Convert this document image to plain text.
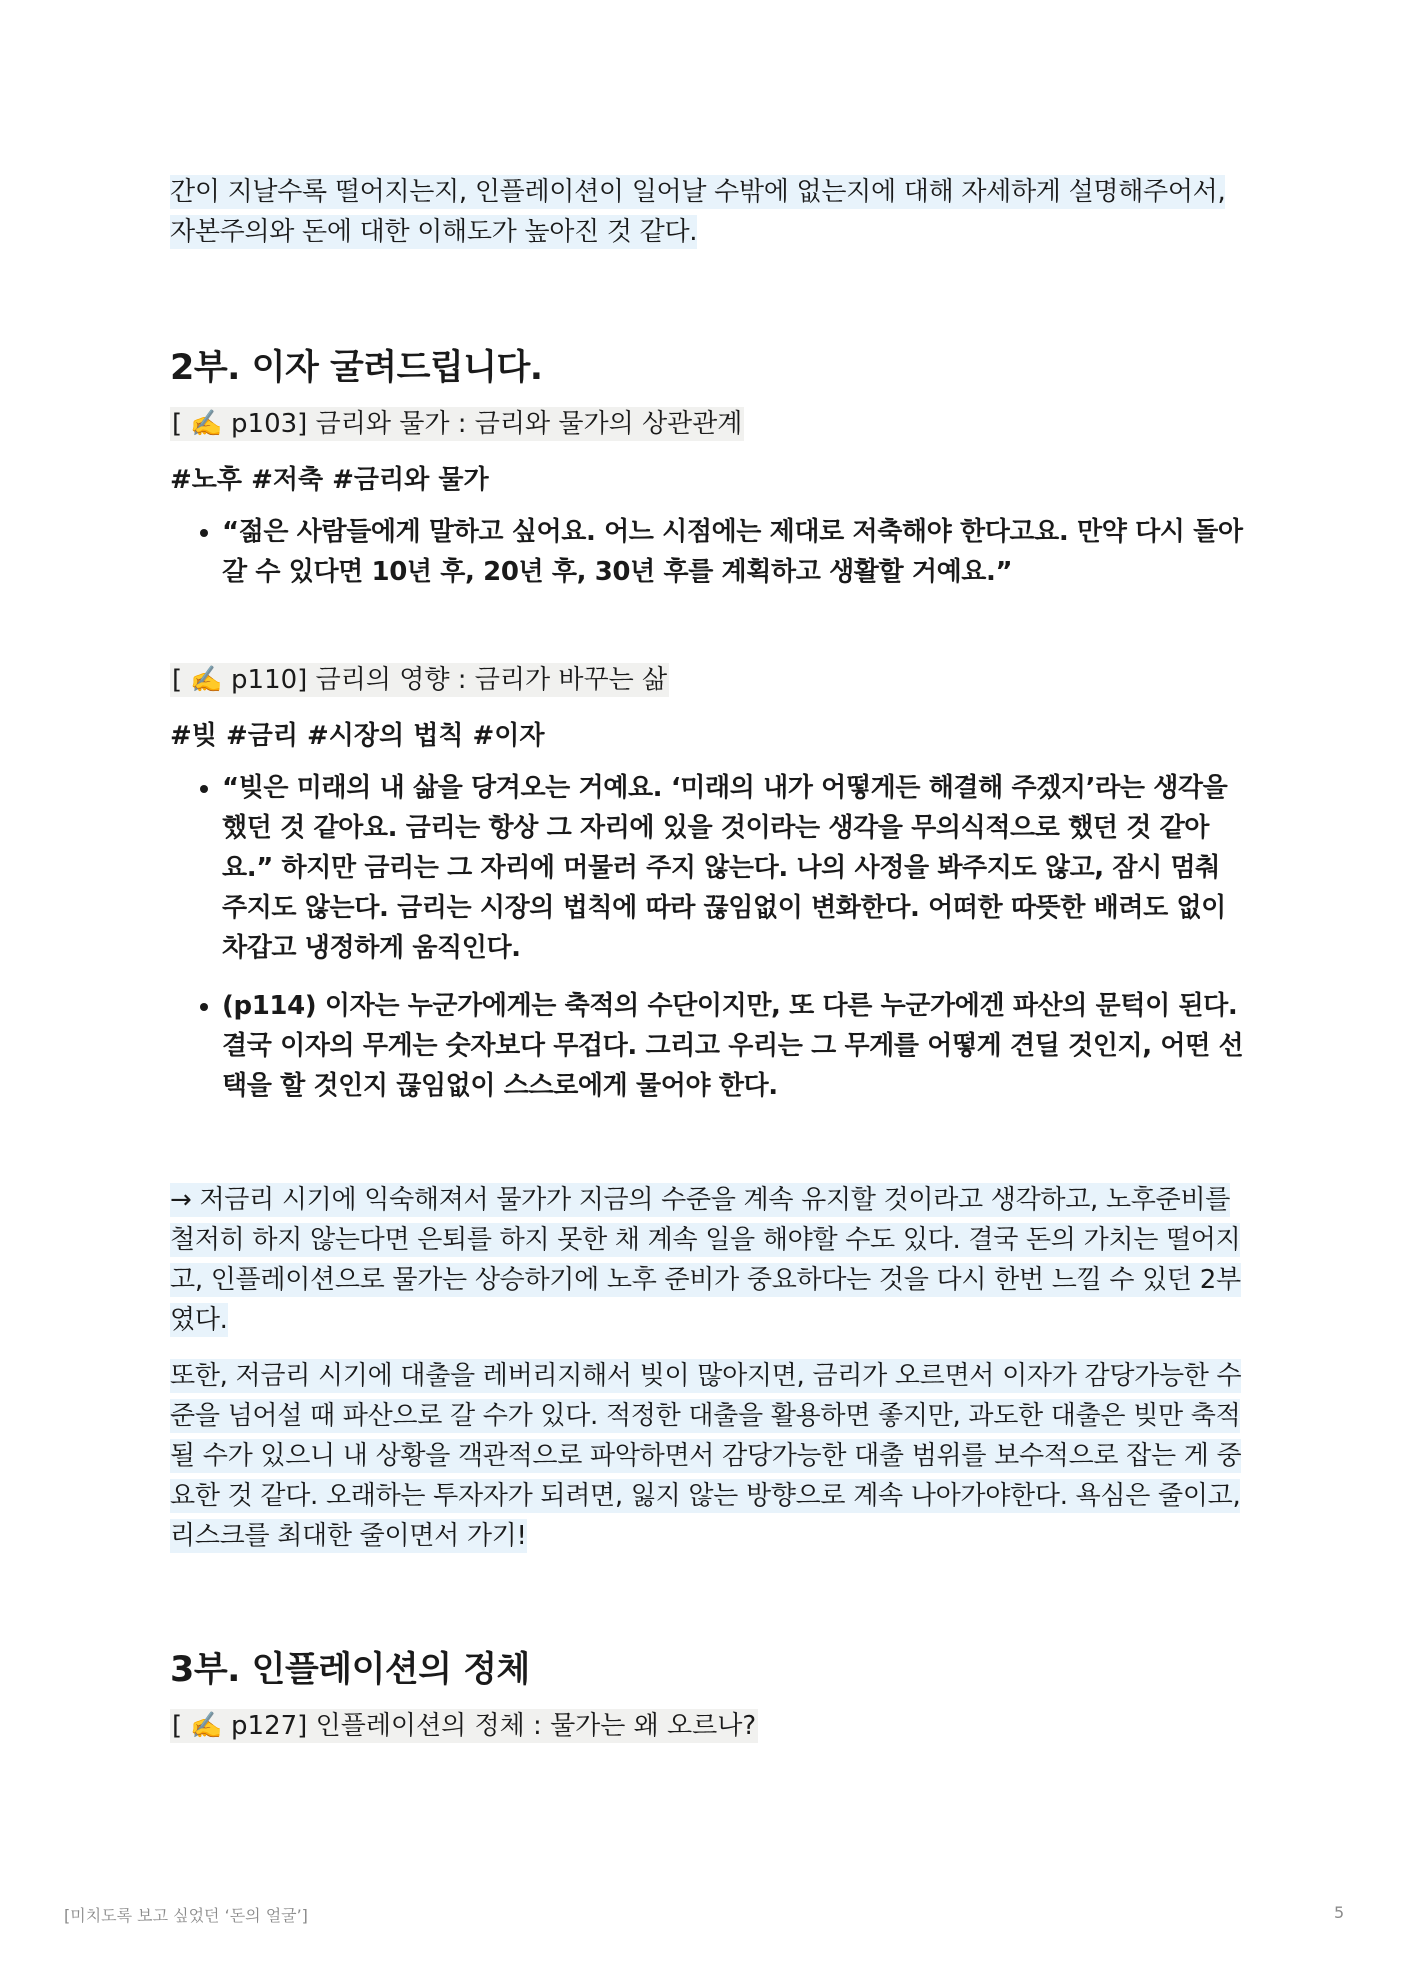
간이 지날수록 떨어지는지, 인플레이션이 일어날 수밖에 없는지에 대해 자세하게 설명해주어서, 자본주의와 돈에 대한 이해도가 높아진 것 같다.

2부. 이자 굴려드립니다.

[ ✍️ p103] 금리와 물가 : 금리와 물가의 상관관계

#노후 #저축 #금리와 물가

• “젊은 사람들에게 말하고 싶어요. 어느 시점에는 제대로 저축해야 한다고요. 만약 다시 돌아갈 수 있다면 10년 후, 20년 후, 30년 후를 계획하고 생활할 거예요.”

[ ✍️ p110] 금리의 영향 : 금리가 바꾸는 삶

#빚 #금리 #시장의 법칙 #이자

• “빚은 미래의 내 삶을 당겨오는 거예요. ‘미래의 내가 어떻게든 해결해 주겠지’라는 생각을 했던 것 같아요. 금리는 항상 그 자리에 있을 것이라는 생각을 무의식적으로 했던 것 같아요.” 하지만 금리는 그 자리에 머물러 주지 않는다. 나의 사정을 봐주지도 않고, 잠시 멈춰 주지도 않는다. 금리는 시장의 법칙에 따라 끊임없이 변화한다. 어떠한 따뜻한 배려도 없이 차갑고 냉정하게 움직인다.
• (p114) 이자는 누군가에게는 축적의 수단이지만, 또 다른 누군가에겐 파산의 문턱이 된다. 결국 이자의 무게는 숫자보다 무겁다. 그리고 우리는 그 무게를 어떻게 견딜 것인지, 어떤 선택을 할 것인지 끊임없이 스스로에게 물어야 한다.

→ 저금리 시기에 익숙해져서 물가가 지금의 수준을 계속 유지할 것이라고 생각하고, 노후준비를 철저히 하지 않는다면 은퇴를 하지 못한 채 계속 일을 해야할 수도 있다. 결국 돈의 가치는 떨어지고, 인플레이션으로 물가는 상승하기에 노후 준비가 중요하다는 것을 다시 한번 느낄 수 있던 2부였다.

또한, 저금리 시기에 대출을 레버리지해서 빚이 많아지면, 금리가 오르면서 이자가 감당가능한 수준을 넘어설 때 파산으로 갈 수가 있다. 적정한 대출을 활용하면 좋지만, 과도한 대출은 빚만 축적될 수가 있으니 내 상황을 객관적으로 파악하면서 감당가능한 대출 범위를 보수적으로 잡는 게 중요한 것 같다. 오래하는 투자자가 되려면, 잃지 않는 방향으로 계속 나아가야한다. 욕심은 줄이고, 리스크를 최대한 줄이면서 가기!

3부. 인플레이션의 정체

[ ✍️ p127] 인플레이션의 정체 : 물가는 왜 오르나?

[미치도록 보고 싶었던 ‘돈의 얼굴’]	5
